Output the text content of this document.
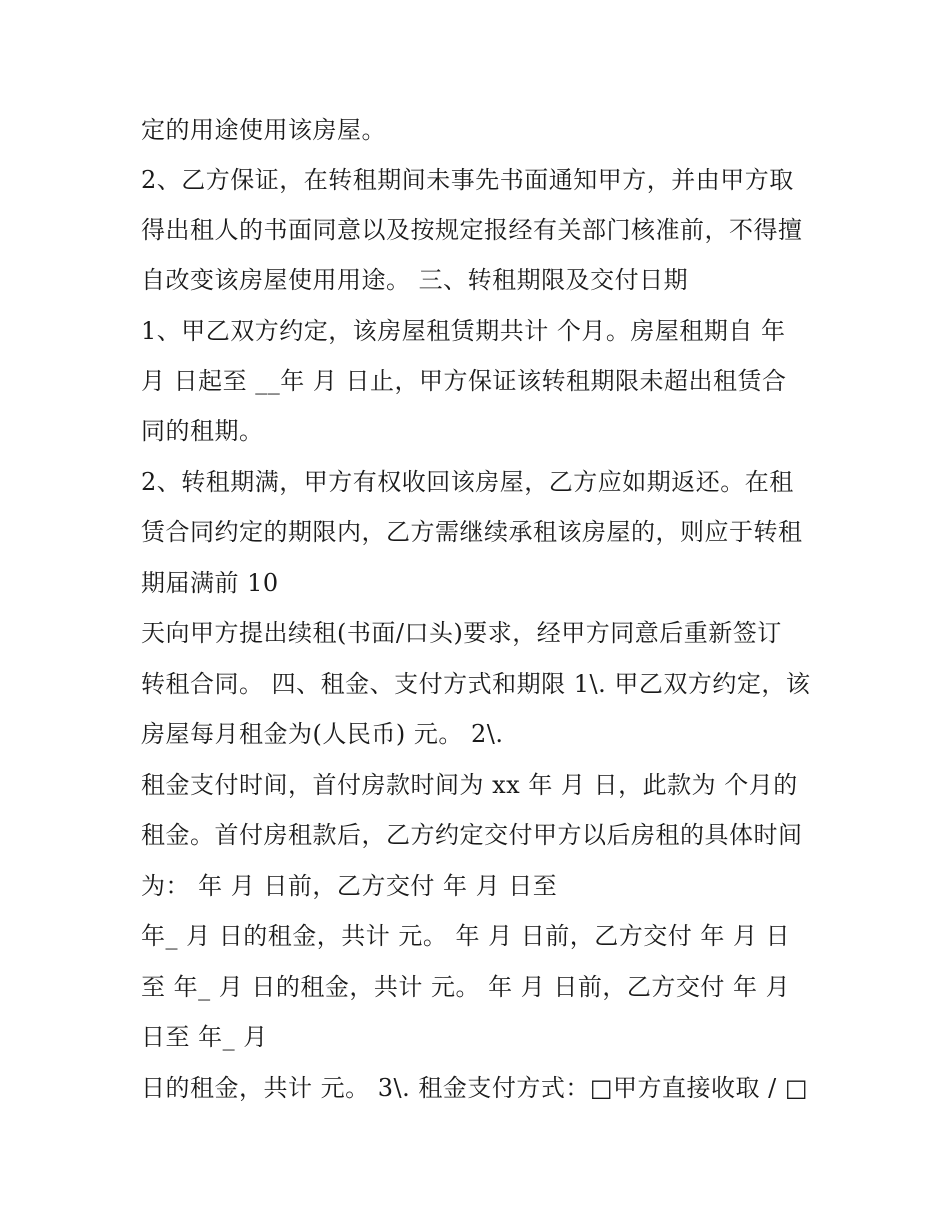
定的用途使用该房屋。
2、乙方保证，在转租期间未事先书面通知甲方，并由甲方取
得出租人的书面同意以及按规定报经有关部门核准前，不得擅
自改变该房屋使用用途。 三、转租期限及交付日期
1、甲乙双方约定，该房屋租赁期共计 个月。房屋租期自 年
月 日起至 __年 月 日止，甲方保证该转租期限未超出租赁合
同的租期。
2、转租期满，甲方有权收回该房屋，乙方应如期返还。在租
赁合同约定的期限内，乙方需继续承租该房屋的，则应于转租
期届满前 10
天向甲方提出续租(书面/口头)要求，经甲方同意后重新签订
转租合同。 四、租金、支付方式和期限 1\. 甲乙双方约定，该
房屋每月租金为(人民币) 元。 2\.
租金支付时间，首付房款时间为 xx 年 月 日，此款为 个月的
租金。首付房租款后，乙方约定交付甲方以后房租的具体时间
为： 年 月 日前，乙方交付 年 月 日至
年_ 月 日的租金，共计 元。 年 月 日前，乙方交付 年 月 日
至 年_ 月 日的租金，共计 元。 年 月 日前，乙方交付 年 月
日至 年_ 月
日的租金，共计 元。 3\. 租金支付方式：□甲方直接收取 / □
